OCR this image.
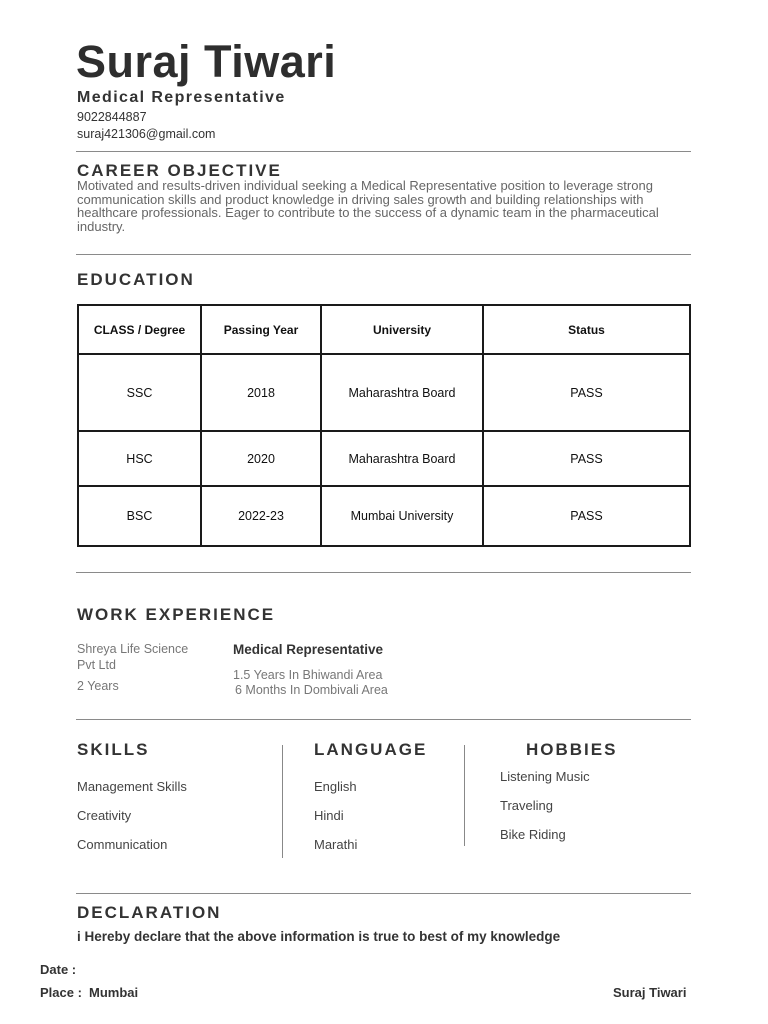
Suraj Tiwari
Medical Representative
9022844887
suraj421306@gmail.com
CAREER OBJECTIVE
Motivated and results-driven individual seeking a Medical Representative position to leverage strong communication skills and product knowledge in driving sales growth and building relationships with healthcare professionals. Eager to contribute to the success of a dynamic team in the pharmaceutical industry.
EDUCATION
CLASS / Degree	Passing Year	University	Status
SSC	2018	Maharashtra Board	PASS
HSC	2020	Maharashtra Board	PASS
BSC	2022-23	Mumbai University	PASS
WORK EXPERIENCE
Shreya Life Science
Pvt Ltd
2 Years
Medical Representative
1.5 Years In Bhiwandi Area
6 Months In Dombivali Area
SKILLS
Management Skills
Creativity
Communication
LANGUAGE
English
Hindi
Marathi
HOBBIES
Listening Music
Traveling
Bike Riding
DECLARATION
i Hereby declare that the above information is true to best of my knowledge
Date :
Place : Mumbai	Suraj Tiwari
